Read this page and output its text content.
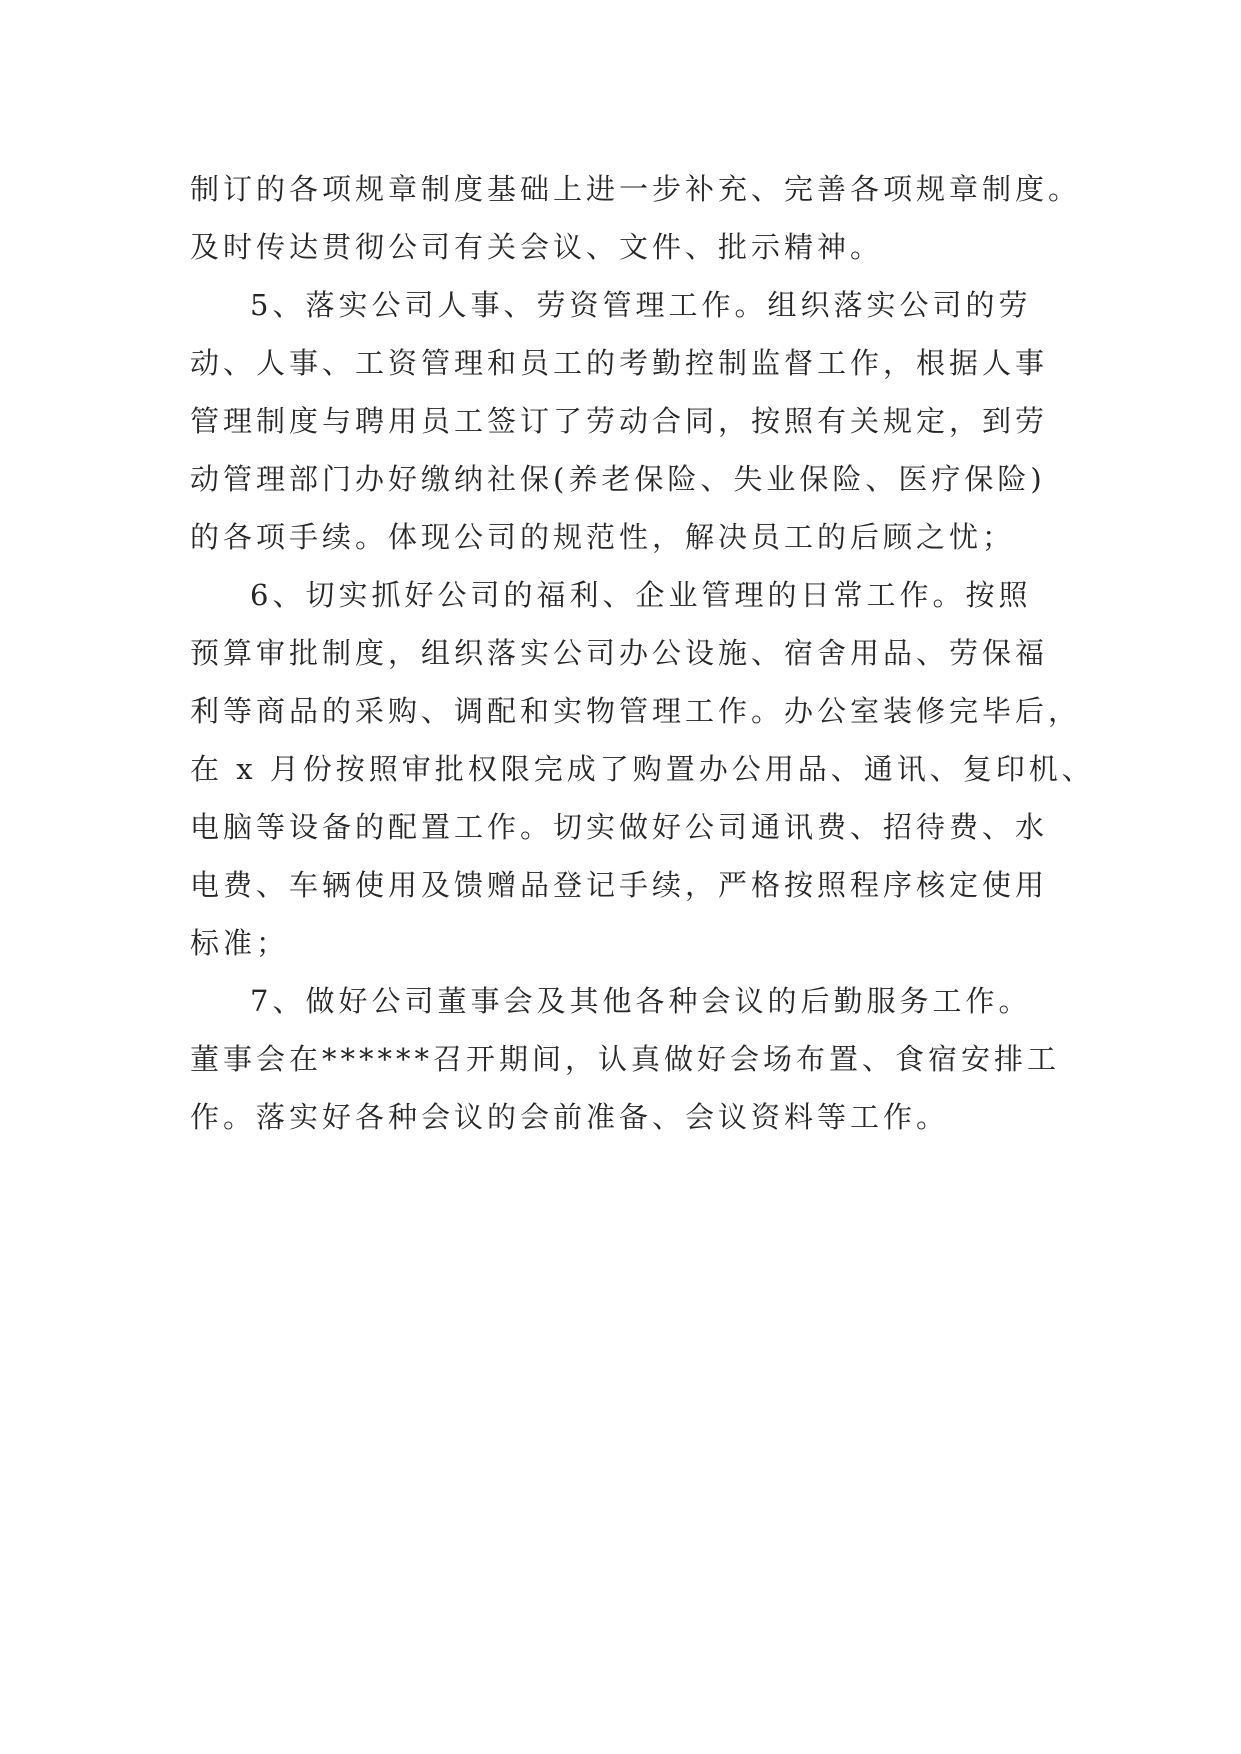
制订的各项规章制度基础上进一步补充、完善各项规章制度。
及时传达贯彻公司有关会议、文件、批示精神。
5、落实公司人事、劳资管理工作。组织落实公司的劳
动、人事、工资管理和员工的考勤控制监督工作，根据人事
管理制度与聘用员工签订了劳动合同，按照有关规定，到劳
动管理部门办好缴纳社保(养老保险、失业保险、医疗保险)
的各项手续。体现公司的规范性，解决员工的后顾之忧；
6、切实抓好公司的福利、企业管理的日常工作。按照
预算审批制度，组织落实公司办公设施、宿舍用品、劳保福
利等商品的采购、调配和实物管理工作。办公室装修完毕后，
在 x 月份按照审批权限完成了购置办公用品、通讯、复印机、
电脑等设备的配置工作。切实做好公司通讯费、招待费、水
电费、车辆使用及馈赠品登记手续，严格按照程序核定使用
标准；
7、做好公司董事会及其他各种会议的后勤服务工作。
董事会在******召开期间，认真做好会场布置、食宿安排工
作。落实好各种会议的会前准备、会议资料等工作。
